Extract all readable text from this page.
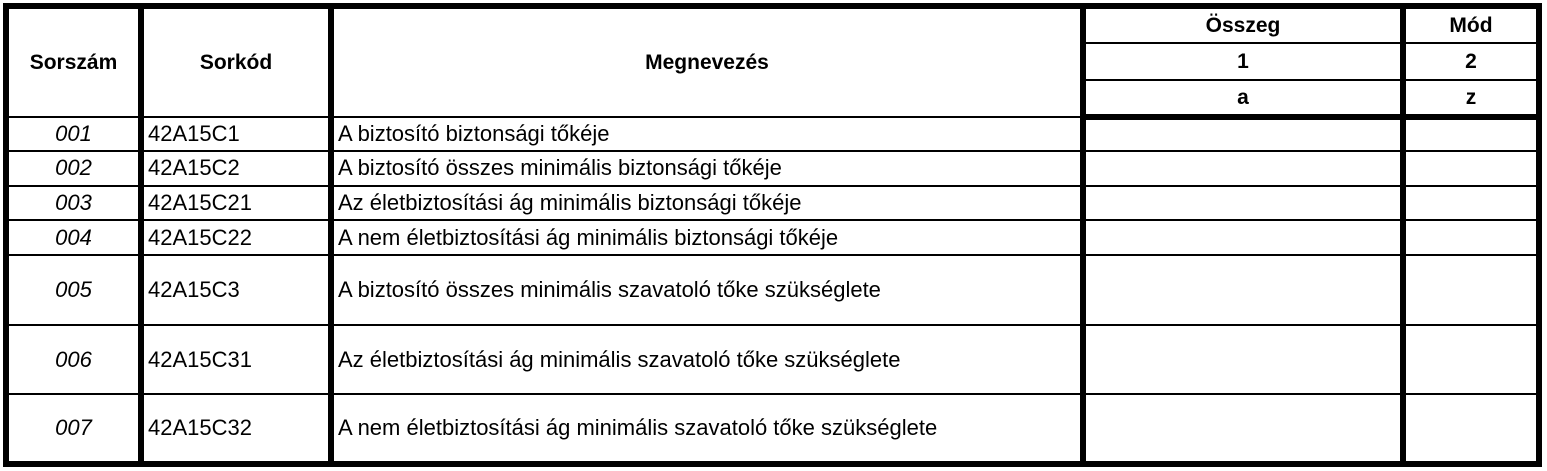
Sorszám	Sorkód	Megnevezés	Összeg	Mód
			1	2
			a	z
001	42A15C1	A biztosító biztonsági tőkéje		
002	42A15C2	A biztosító összes minimális biztonsági tőkéje		
003	42A15C21	Az életbiztosítási ág minimális biztonsági tőkéje		
004	42A15C22	A nem életbiztosítási ág minimális biztonsági tőkéje		
005	42A15C3	A biztosító összes minimális szavatoló tőke szükséglete		
006	42A15C31	Az életbiztosítási ág minimális szavatoló tőke szükséglete		
007	42A15C32	A nem életbiztosítási ág minimális szavatoló tőke szükséglete		
